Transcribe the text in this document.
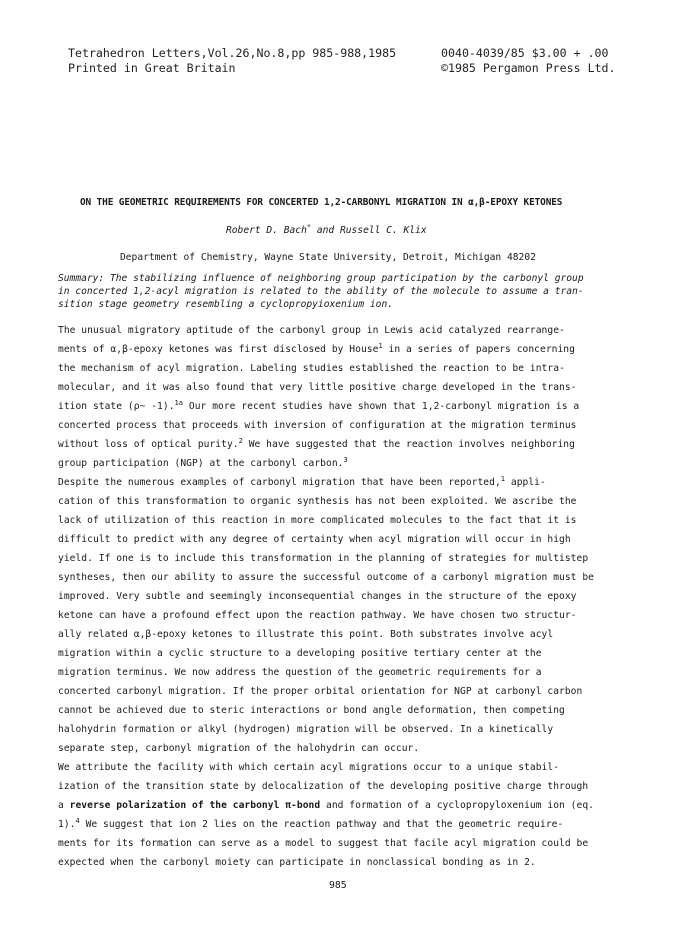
Tetrahedron Letters,Vol.26,No.8,pp 985-988,1985
Printed in Great Britain
0040-4039/85 $3.00 + .00
©1985 Pergamon Press Ltd.
ON THE GEOMETRIC REQUIREMENTS FOR CONCERTED 1,2-CARBONYL MIGRATION IN α,β-EPOXY KETONES
Robert D. Bach* and Russell C. Klix
Department of Chemistry, Wayne State University, Detroit, Michigan 48202
Summary: The stabilizing influence of neighboring group participation by the carbonyl group
in concerted 1,2-acyl migration is related to the ability of the molecule to assume a tran-
sition stage geometry resembling a cyclopropyioxenium ion.
The unusual migratory aptitude of the carbonyl group in Lewis acid catalyzed rearrange-
ments of α,β-epoxy ketones was first disclosed by House$^1$ in a series of papers concerning
the mechanism of acyl migration. Labeling studies established the reaction to be intra-
molecular, and it was also found that very little positive charge developed in the trans-
ition state (ρ~ -1).$^{1a}$ Our more recent studies have shown that 1,2-carbonyl migration is a
concerted process that proceeds with inversion of configuration at the migration terminus
without loss of optical purity.$^2$ We have suggested that the reaction involves neighboring
group participation (NGP) at the carbonyl carbon.$^3$
Despite the numerous examples of carbonyl migration that have been reported,$^1$ appli-
cation of this transformation to organic synthesis has not been exploited. We ascribe the
lack of utilization of this reaction in more complicated molecules to the fact that it is
difficult to predict with any degree of certainty when acyl migration will occur in high
yield. If one is to include this transformation in the planning of strategies for multistep
syntheses, then our ability to assure the successful outcome of a carbonyl migration must be
improved. Very subtle and seemingly inconsequential changes in the structure of the epoxy
ketone can have a profound effect upon the reaction pathway. We have chosen two structur-
ally related α,β-epoxy ketones to illustrate this point. Both substrates involve acyl
migration within a cyclic structure to a developing positive tertiary center at the
migration terminus. We now address the question of the geometric requirements for a
concerted carbonyl migration. If the proper orbital orientation for NGP at carbonyl carbon
cannot be achieved due to steric interactions or bond angle deformation, then competing
halohydrin formation or alkyl (hydrogen) migration will be observed. In a kinetically
separate step, carbonyl migration of the halohydrin can occur.
We attribute the facility with which certain acyl migrations occur to a unique stabil-
ization of the transition state by delocalization of the developing positive charge through
a reverse polarization of the carbonyl π-bond and formation of a cyclopropyloxenium ion (eq.
1).$^4$ We suggest that ion 2 lies on the reaction pathway and that the geometric require-
ments for its formation can serve as a model to suggest that facile acyl migration could be
expected when the carbonyl moiety can participate in nonclassical bonding as in 2.
985
